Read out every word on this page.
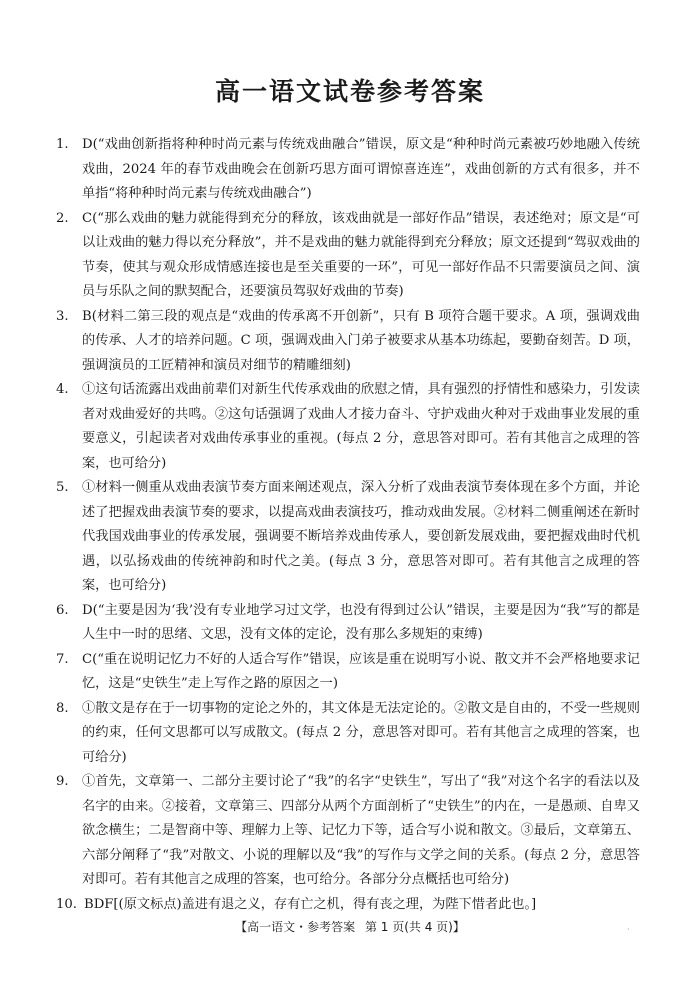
高一语文试卷参考答案

1. D(“戏曲创新指将种种时尚元素与传统戏曲融合”错误，原文是“种种时尚元素被巧妙地融入传统戏曲，2024 年的春节戏曲晚会在创新巧思方面可谓惊喜连连”，戏曲创新的方式有很多，并不单指“将种种时尚元素与传统戏曲融合”)

2. C(“那么戏曲的魅力就能得到充分的释放，该戏曲就是一部好作品”错误，表述绝对；原文是“可以让戏曲的魅力得以充分释放”，并不是戏曲的魅力就能得到充分释放；原文还提到“驾驭戏曲的节奏，使其与观众形成情感连接也是至关重要的一环”，可见一部好作品不只需要演员之间、演员与乐队之间的默契配合，还要演员驾驭好戏曲的节奏)

3. B(材料二第三段的观点是“戏曲的传承离不开创新”，只有 B 项符合题干要求。A 项，强调戏曲的传承、人才的培养问题。C 项，强调戏曲入门弟子被要求从基本功练起，要勤奋刻苦。D 项，强调演员的工匠精神和演员对细节的精雕细刻)

4. ①这句话流露出戏曲前辈们对新生代传承戏曲的欣慰之情，具有强烈的抒情性和感染力，引发读者对戏曲爱好的共鸣。②这句话强调了戏曲人才接力奋斗、守护戏曲火种对于戏曲事业发展的重要意义，引起读者对戏曲传承事业的重视。(每点 2 分，意思答对即可。若有其他言之成理的答案，也可给分)

5. ①材料一侧重从戏曲表演节奏方面来阐述观点，深入分析了戏曲表演节奏体现在多个方面，并论述了把握戏曲表演节奏的要求，以提高戏曲表演技巧，推动戏曲发展。②材料二侧重阐述在新时代我国戏曲事业的传承发展，强调要不断培养戏曲传承人，要创新发展戏曲，要把握戏曲时代机遇，以弘扬戏曲的传统神韵和时代之美。(每点 3 分，意思答对即可。若有其他言之成理的答案，也可给分)

6. D(“主要是因为‘我’没有专业地学习过文学，也没有得到过公认”错误，主要是因为“我”写的都是人生中一时的思绪、文思，没有文体的定论，没有那么多规矩的束缚)

7. C(“重在说明记忆力不好的人适合写作”错误，应该是重在说明写小说、散文并不会严格地要求记忆，这是“史铁生”走上写作之路的原因之一)

8. ①散文是存在于一切事物的定论之外的，其文体是无法定论的。②散文是自由的，不受一些规则的约束，任何文思都可以写成散文。(每点 2 分，意思答对即可。若有其他言之成理的答案，也可给分)

9. ①首先，文章第一、二部分主要讨论了“我”的名字“史铁生”，写出了“我”对这个名字的看法以及名字的由来。②接着，文章第三、四部分从两个方面剖析了“史铁生”的内在，一是愚顽、自卑又欲念横生；二是智商中等、理解力上等、记忆力下等，适合写小说和散文。③最后，文章第五、六部分阐释了“我”对散文、小说的理解以及“我”的写作与文学之间的关系。(每点 2 分，意思答对即可。若有其他言之成理的答案，也可给分。各部分分点概括也可给分)

10. BDF[(原文标点)盖进有退之义，存有亡之机，得有丧之理，为陛下惜者此也。]

【高一语文・参考答案 第 1 页(共 4 页)】	·
